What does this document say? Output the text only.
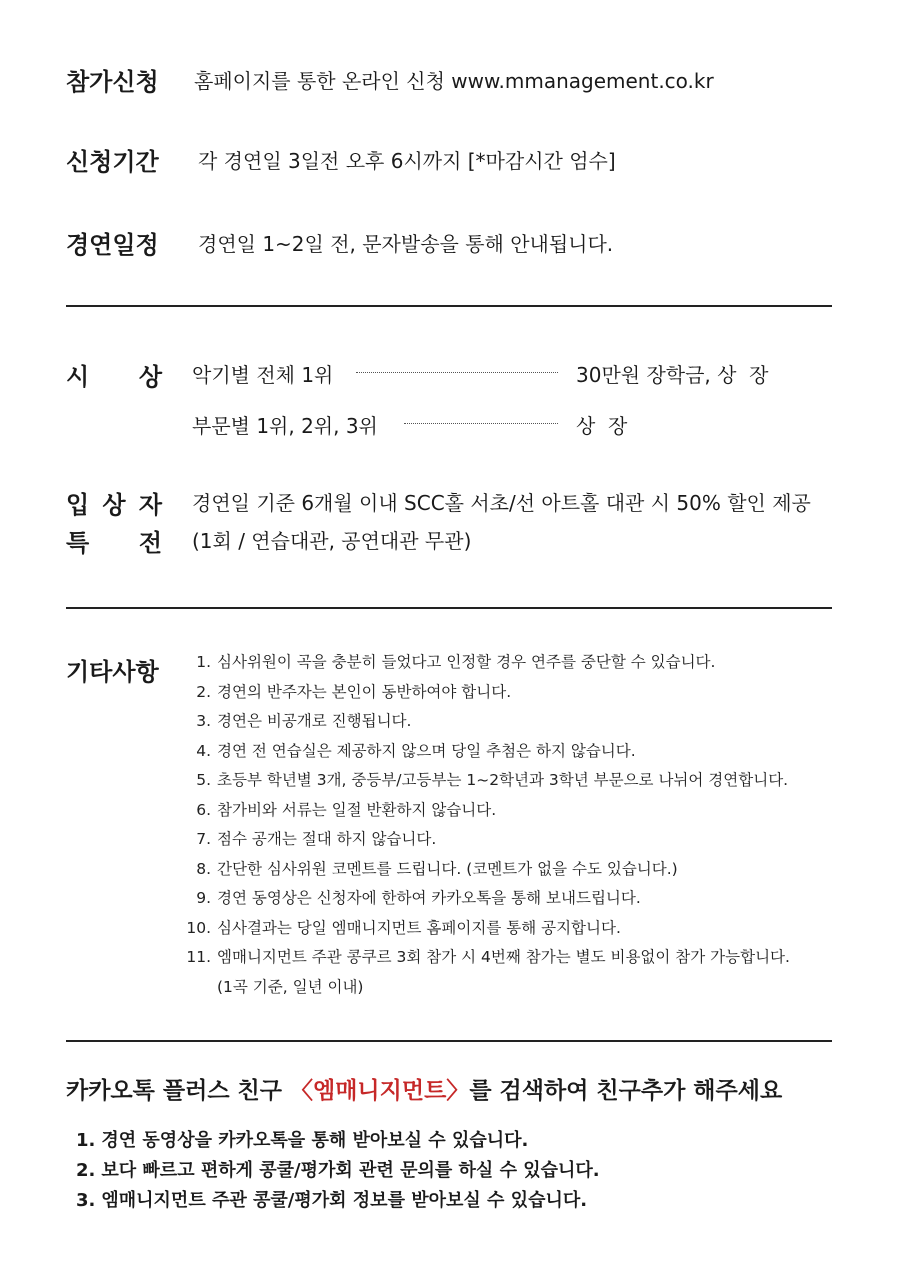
참가신청 홈페이지를 통한 온라인 신청 www.mmanagement.co.kr
신청기간 각 경연일 3일전 오후 6시까지 [*마감시간 엄수]
경연일정 경연일 1~2일 전, 문자발송을 통해 안내됩니다.
시 상 악기별 전체 1위	30만원 장학금, 상  장
부문별 1위, 2위, 3위	상  장
입 상 자
특 전
경연일 기준 6개월 이내 SCC홀 서초/선 아트홀 대관 시 50% 할인 제공
(1회 / 연습대관, 공연대관 무관)
기타사항	1. 심사위원이 곡을 충분히 들었다고 인정할 경우 연주를 중단할 수 있습니다.
2. 경연의 반주자는 본인이 동반하여야 합니다.
3. 경연은 비공개로 진행됩니다.
4. 경연 전 연습실은 제공하지 않으며 당일 추첨은 하지 않습니다.
5. 초등부 학년별 3개, 중등부/고등부는 1~2학년과 3학년 부문으로 나뉘어 경연합니다.
6. 참가비와 서류는 일절 반환하지 않습니다.
7. 점수 공개는 절대 하지 않습니다.
8. 간단한 심사위원 코멘트를 드립니다. (코멘트가 없을 수도 있습니다.)
9. 경연 동영상은 신청자에 한하여 카카오톡을 통해 보내드립니다.
10. 심사결과는 당일 엠매니지먼트 홈페이지를 통해 공지합니다.
11. 엠매니지먼트 주관 콩쿠르 3회 참가 시 4번째 참가는 별도 비용없이 참가 가능합니다.
(1곡 기준, 일년 이내)
카카오톡 플러스 친구 〈엠매니지먼트〉를 검색하여 친구추가 해주세요
1. 경연 동영상을 카카오톡을 통해 받아보실 수 있습니다.
2. 보다 빠르고 편하게 콩쿨/평가회 관련 문의를 하실 수 있습니다.
3. 엠매니지먼트 주관 콩쿨/평가회 정보를 받아보실 수 있습니다.
